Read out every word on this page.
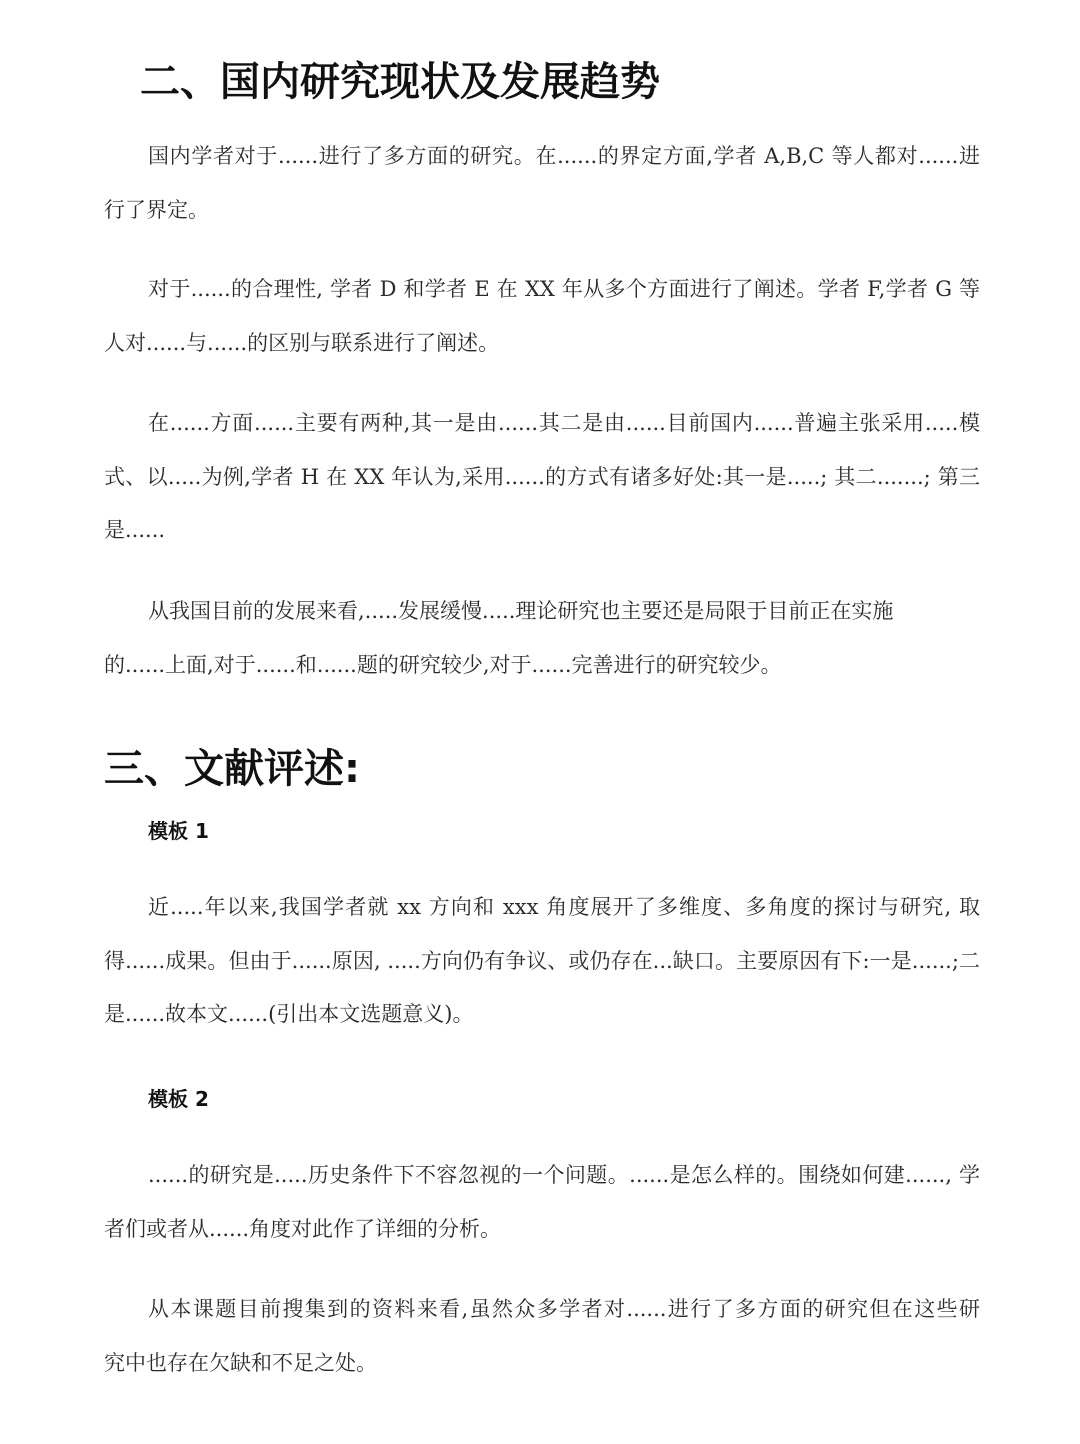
二、国内研究现状及发展趋势
国内学者对于......进行了多方面的研究。在......的界定方面,学者 A,B,C 等人都对......进
行了界定。
对于......的合理性, 学者 D 和学者 E 在 XX 年从多个方面进行了阐述。学者 F,学者 G 等
人对......与......的区别与联系进行了阐述。
在......方面......主要有两种,其一是由......其二是由......目前国内......普遍主张采用.....模
式、以.....为例,学者 H 在 XX 年认为,采用......的方式有诸多好处:其一是.....; 其二.......; 第三
是......
从我国目前的发展来看,.....发展缓慢.....理论研究也主要还是局限于目前正在实施
的......上面,对于......和......题的研究较少,对于......完善进行的研究较少。
三、文献评述:
模板 1
近.....年以来,我国学者就 xx 方向和 xxx 角度展开了多维度、多角度的探讨与研究, 取
得......成果。但由于......原因, .....方向仍有争议、或仍存在...缺口。主要原因有下:一是......;二
是......故本文......(引出本文选题意义)。
模板 2
......的研究是.....历史条件下不容忽视的一个问题。......是怎么样的。围绕如何建......, 学
者们或者从......角度对此作了详细的分析。
从本课题目前搜集到的资料来看,虽然众多学者对......进行了多方面的研究但在这些研
究中也存在欠缺和不足之处。
